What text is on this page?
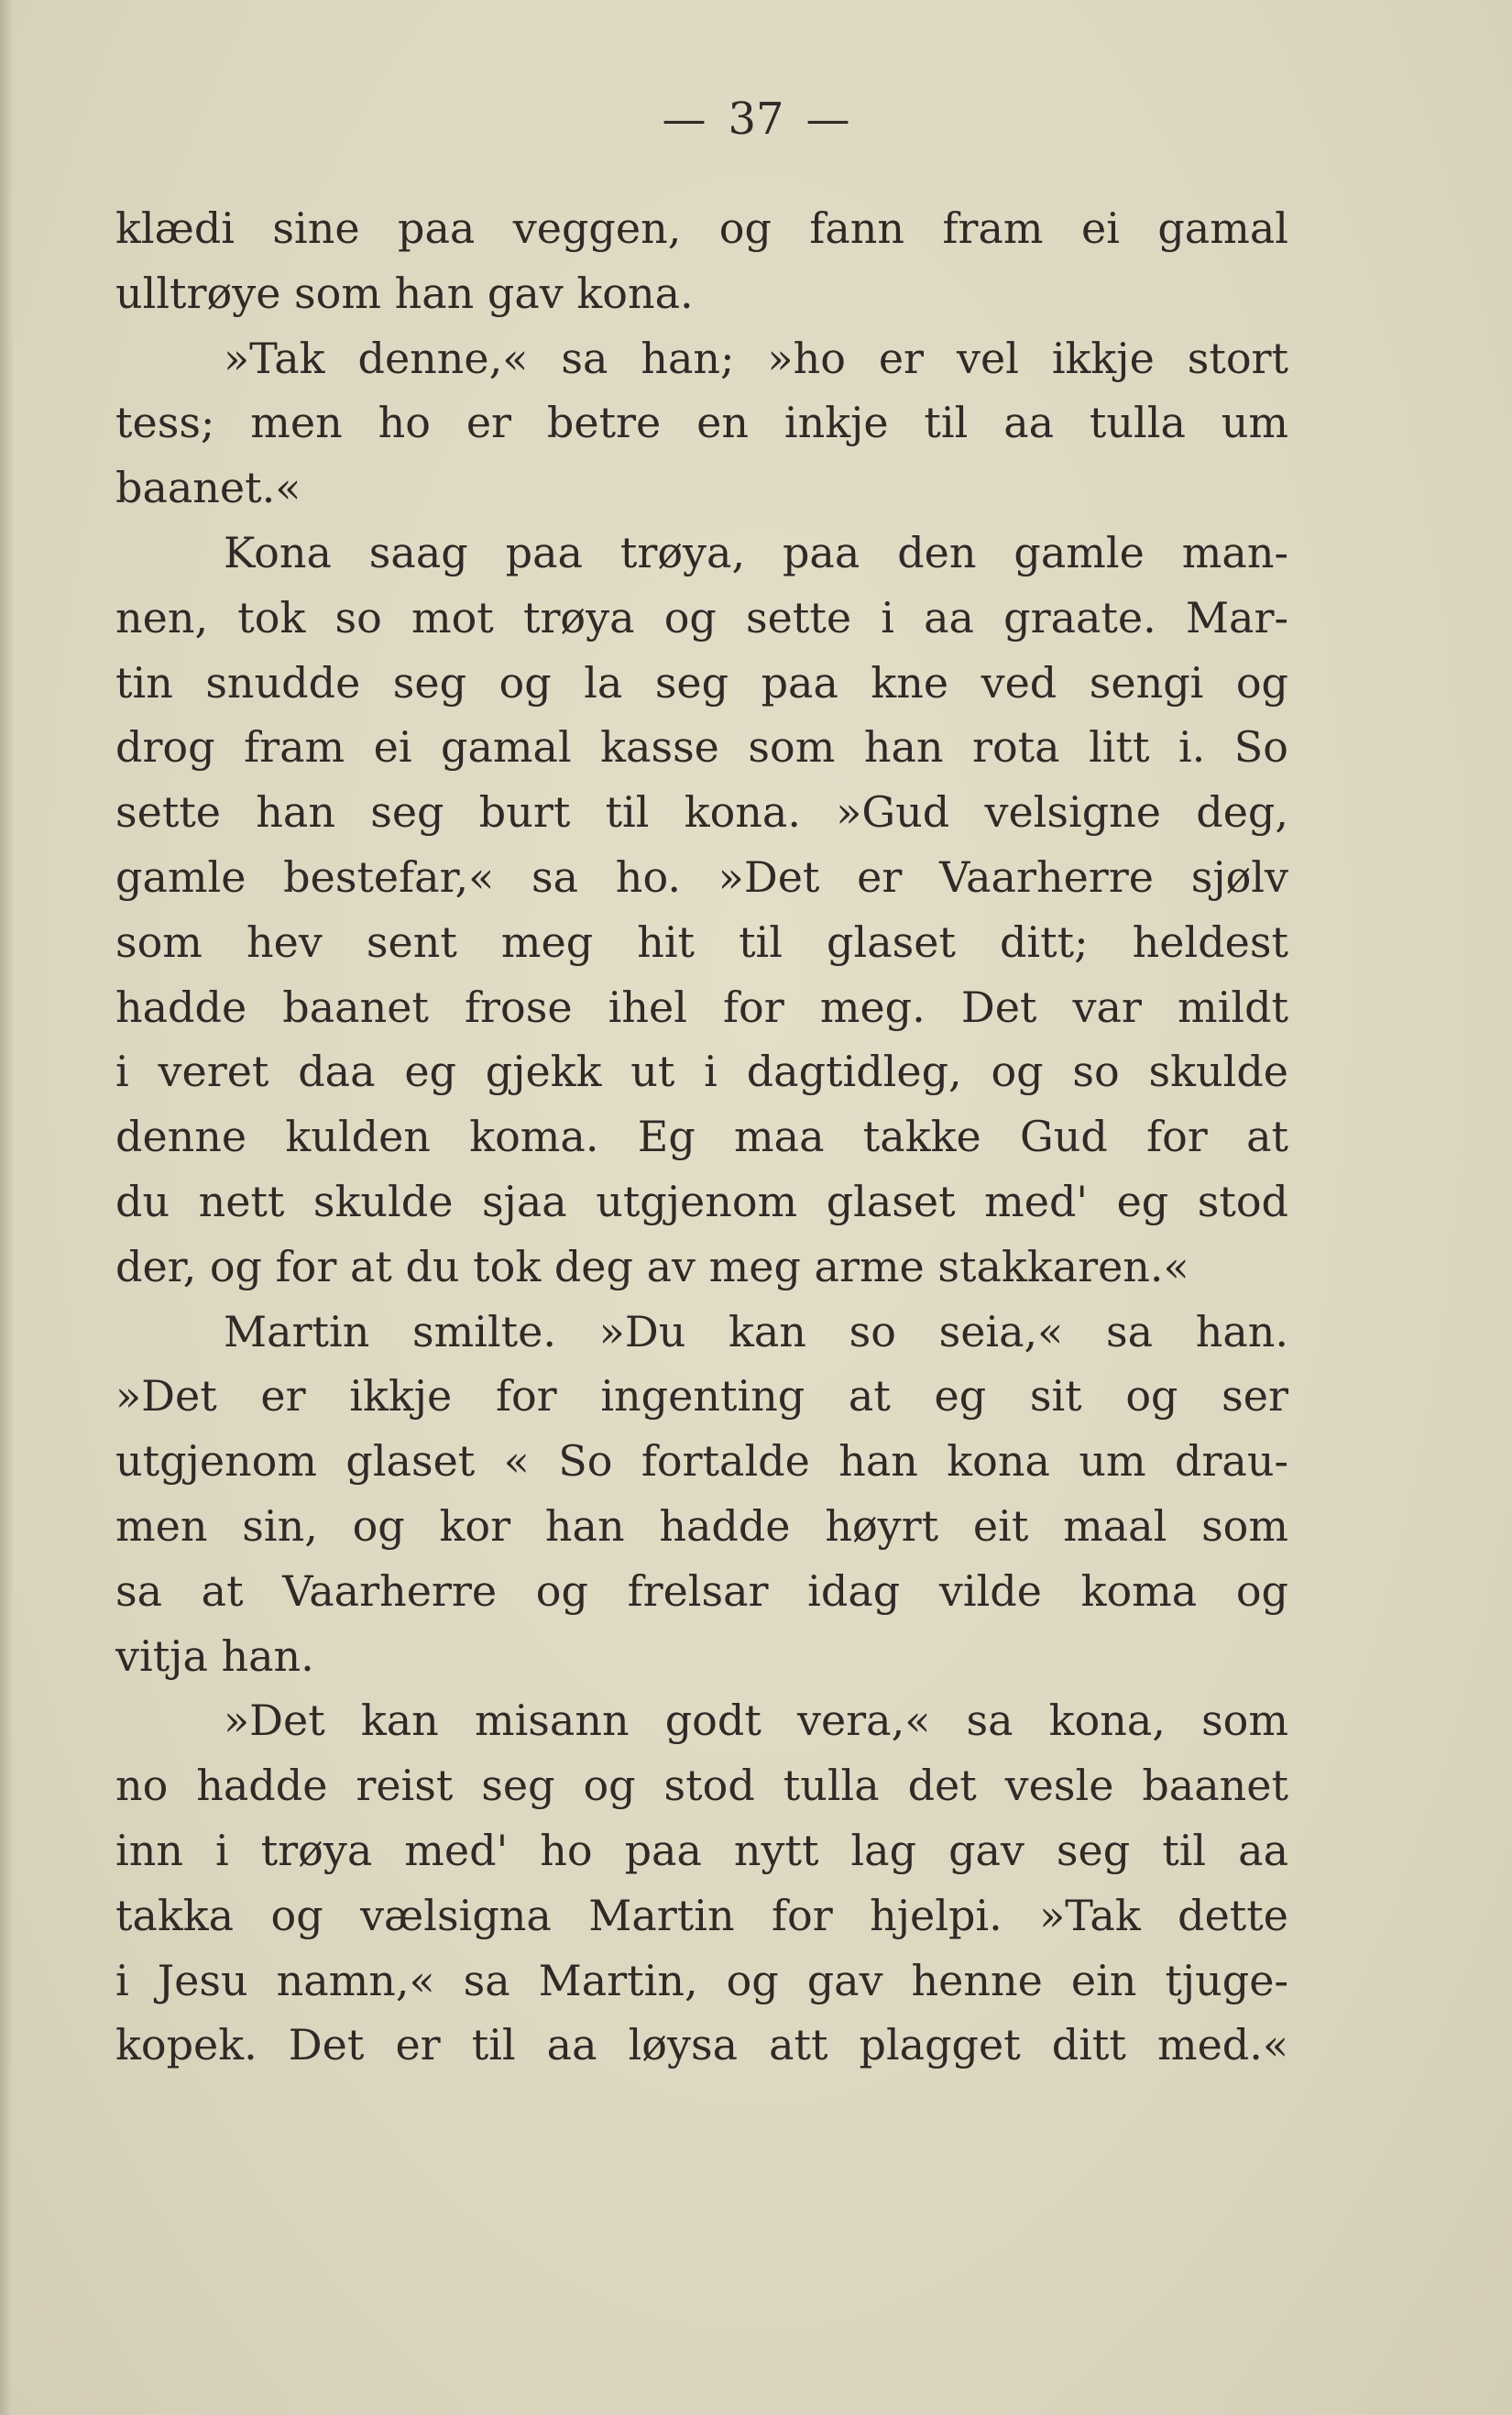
— 37 —
klædi sine paa veggen, og fann fram ei gamal
ulltrøye som han gav kona.
»Tak denne,« sa han; »ho er vel ikkje stort
tess; men ho er betre en inkje til aa tulla um
baanet.«
Kona saag paa trøya, paa den gamle man-
nen, tok so mot trøya og sette i aa graate. Mar-
tin snudde seg og la seg paa kne ved sengi og
drog fram ei gamal kasse som han rota litt i. So
sette han seg burt til kona. »Gud velsigne deg,
gamle bestefar,« sa ho. »Det er Vaarherre sjølv
som hev sent meg hit til glaset ditt; heldest
hadde baanet frose ihel for meg. Det var mildt
i veret daa eg gjekk ut i dagtidleg, og so skulde
denne kulden koma. Eg maa takke Gud for at
du nett skulde sjaa utgjenom glaset med' eg stod
der, og for at du tok deg av meg arme stakkaren.«
Martin smilte. »Du kan so seia,« sa han.
»Det er ikkje for ingenting at eg sit og ser
utgjenom glaset « So fortalde han kona um drau-
men sin, og kor han hadde høyrt eit maal som
sa at Vaarherre og frelsar idag vilde koma og
vitja han.
»Det kan misann godt vera,« sa kona, som
no hadde reist seg og stod tulla det vesle baanet
inn i trøya med' ho paa nytt lag gav seg til aa
takka og vælsigna Martin for hjelpi. »Tak dette
i Jesu namn,« sa Martin, og gav henne ein tjuge-
kopek. Det er til aa løysa att plagget ditt med.«
